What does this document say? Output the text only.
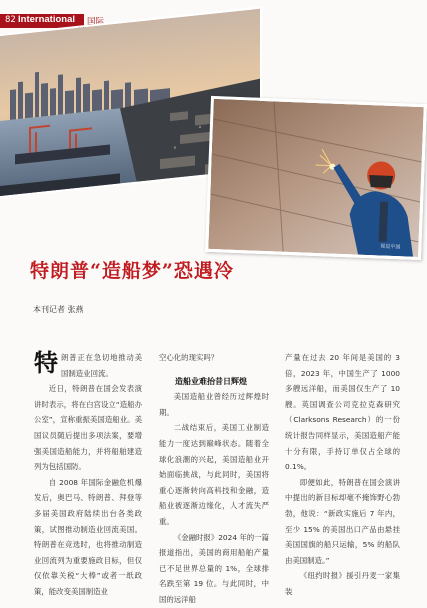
82 International 国际
视觉中国
特朗普“造船梦”恐遇冷
本刊记者 张燕
特 朗普正在急切地推动美国制造业回流。

近日，特朗普在国会发表演讲时表示，将在白宫设立“造船办公室”，宣称重振美国造船业。美国议员随后提出多项法案，要增强美国造船能力，并将船舶建造列为包括国防。

自 2008 年国际金融危机爆发后，奥巴马、特朗普、拜登等多届美国政府陆续出台各类政策，试图推动制造业回流美国。特朗普在竞选时，也将推动制造业回流列为重要施政目标，但仅仅依靠关税“大棒”或者一纸政策，能改变美国制造业

空心化的现实吗？

造船业难抬昔日辉煌

美国造船业曾经历过辉煌时期。

二战结束后，美国工业制造能力一度达到巅峰状态。随着全球化浪潮的兴起，美国造船业开始面临挑战，与此同时，美国将重心逐渐转向高科技和金融，造船业被逐渐边缘化，人才流失严重。

《金融时报》2024 年的一篇报道指出，美国的商用船舶产量已不足世界总量的 1%，全球排名跌至第 19 位。与此同时，中国的远洋船

产量在过去 20 年间是美国的 3 倍，2023 年，中国生产了 1000 多艘远洋船，而美国仅生产了 10 艘。英国调查公司克拉克森研究（Clarksons Research）的一份统计报告同样显示，美国造船产能十分有限，手持订单仅占全球的 0.1%。

即便如此，特朗普在国会演讲中提出的新目标却毫不掩饰野心勃勃，他说：“新政实施后 7 年内，至少 15% 的美国出口产品由悬挂美国国旗的船只运输，5% 的船队由美国制造。”

《纽约时报》援引丹麦一家集装
